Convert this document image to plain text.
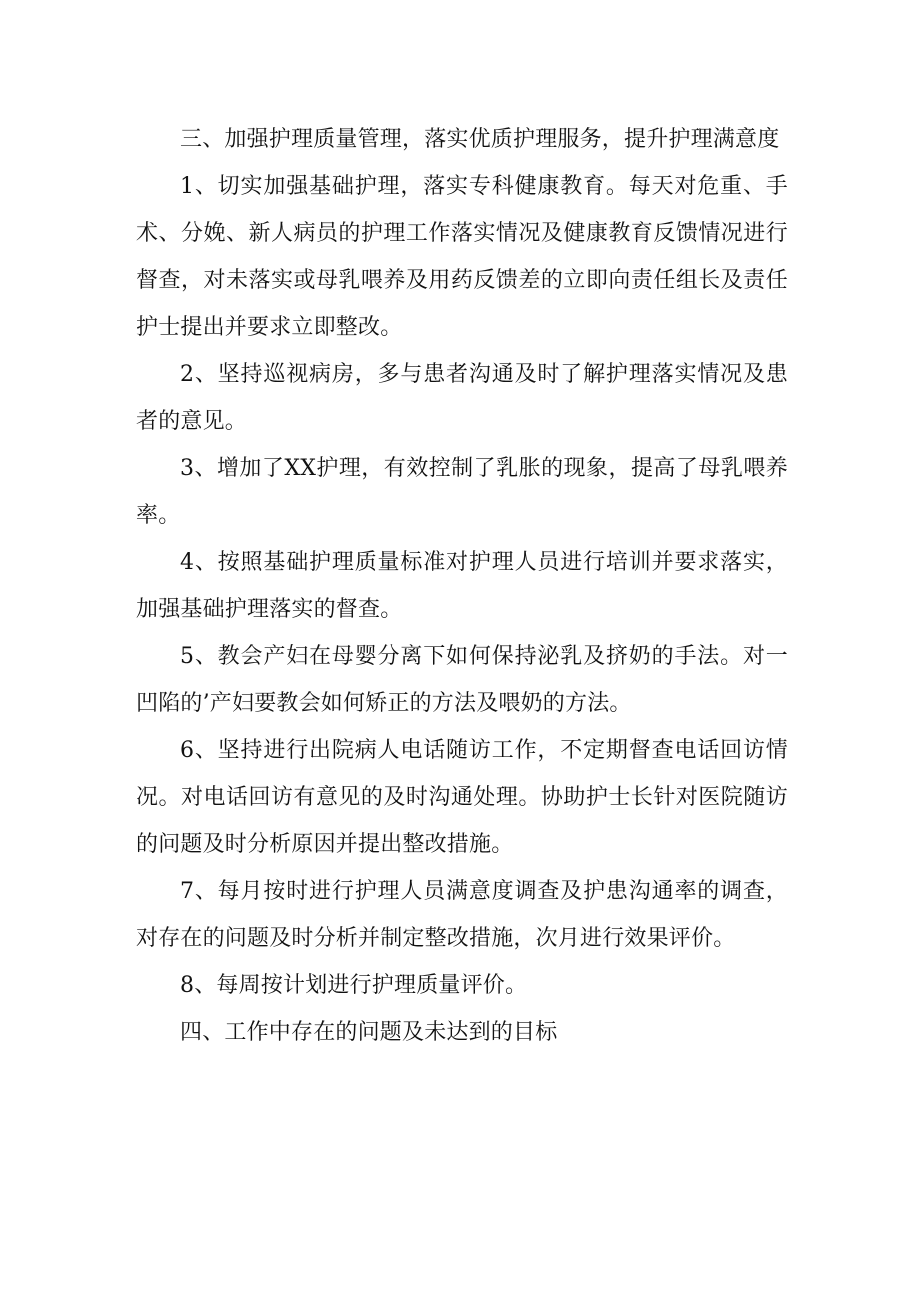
三、加强护理质量管理，落实优质护理服务，提升护理满意度

1、切实加强基础护理，落实专科健康教育。每天对危重、手术、分娩、新人病员的护理工作落实情况及健康教育反馈情况进行督查，对未落实或母乳喂养及用药反馈差的立即向责任组长及责任护士提出并要求立即整改。

2、坚持巡视病房，多与患者沟通及时了解护理落实情况及患者的意见。

3、增加了XX护理，有效控制了乳胀的现象，提高了母乳喂养率。

4、按照基础护理质量标准对护理人员进行培训并要求落实，加强基础护理落实的督查。

5、教会产妇在母婴分离下如何保持泌乳及挤奶的手法。对一凹陷的’产妇要教会如何矫正的方法及喂奶的方法。

6、坚持进行出院病人电话随访工作，不定期督查电话回访情况。对电话回访有意见的及时沟通处理。协助护士长针对医院随访的问题及时分析原因并提出整改措施。

7、每月按时进行护理人员满意度调查及护患沟通率的调查，对存在的问题及时分析并制定整改措施，次月进行效果评价。

8、每周按计划进行护理质量评价。

四、工作中存在的问题及未达到的目标
